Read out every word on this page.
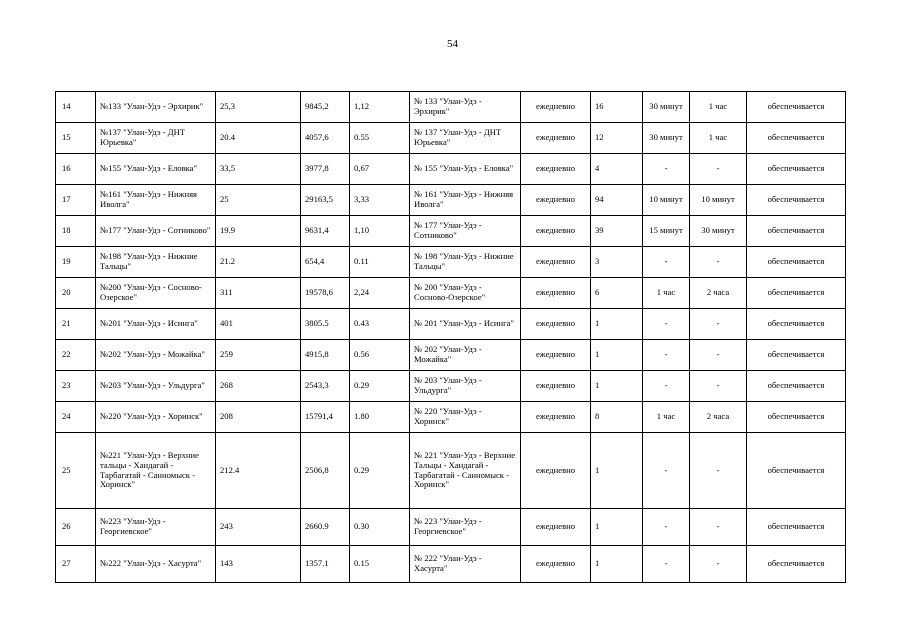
54
14	№133 "Улан-Удэ - Эрхирик"	25,3	9845,2	1,12	№ 133 "Улан-Удэ - Эрхирик"	ежедневно	16	30 минут	1 час	обеспечивается
15	№137 "Улан-Удэ - ДНТ Юрьевка"	20.4	4057,6	0.55	№ 137 "Улан-Удэ - ДНТ Юрьевка"	ежедневно	12	30 минут	1 час	обеспечивается
16	№155 "Улан-Удэ - Еловка"	33,5	3977,8	0,67	№ 155 "Улан-Удэ - Еловка"	ежедневно	4	-	-	обеспечивается
17	№161 "Улан-Удэ - Нижняя Иволга"	25	29163,5	3,33	№ 161 "Улан-Удэ - Нижняя Иволга"	ежедневно	94	10 минут	10 минут	обеспечивается
18	№177 "Улан-Удэ - Сотниково"	19.9	9631,4	1,10	№ 177 "Улан-Удэ - Сотниково"	ежедневно	39	15 минут	30 минут	обеспечивается
19	№198 "Улан-Удэ - Нижние Тальцы"	21.2	654,4	0.11	№ 198 "Улан-Удэ - Нижние Тальцы"	ежедневно	3	-	-	обеспечивается
20	№200 "Улан-Удэ - Сосново-Озерское"	311	19578,6	2,24	№ 200 "Улан-Удэ - Сосново-Озерское"	ежедневно	6	1 час	2 часа	обеспечивается
21	№201 "Улан-Удэ - Исинга"	401	3805.5	0.43	№ 201 "Улан-Удэ - Исинга"	ежедневно	1	-	-	обеспечивается
22	№202 "Улан-Удэ - Можайка"	259	4915,8	0.56	№ 202 "Улан-Удэ - Можайка"	ежедневно	1	-	-	обеспечивается
23	№203 "Улан-Удэ - Ульдурга"	268	2543,3	0.29	№ 203 "Улан-Удэ - Ульдурга"	ежедневно	1	-	-	обеспечивается
24	№220 "Улан-Удэ - Хоринск"	208	15791,4	1.80	№ 220 "Улан-Удэ - Хоринск"	ежедневно	8	1 час	2 часа	обеспечивается
25	№221 "Улан-Удэ - Верхние тальцы - Хандагай - Тарбагатай - Санномыск - Хоринск"	212.4	2506,8	0.29	№ 221 "Улан-Удэ - Верхние Тальцы - Хандагай - Тарбагатай - Санномыск - Хоринск"	ежедневно	1	-	-	обеспечивается
26	№223 "Улан-Удэ - Георгиевское"	243	2660.9	0.30	№ 223 "Улан-Удэ - Георгиевское"	ежедневно	1	-	-	обеспечивается
27	№222 "Улан-Удэ - Хасурта"	143	1357.1	0.15	№ 222 "Улан-Удэ - Хасурта"	ежедневно	1	-	-	обеспечивается
